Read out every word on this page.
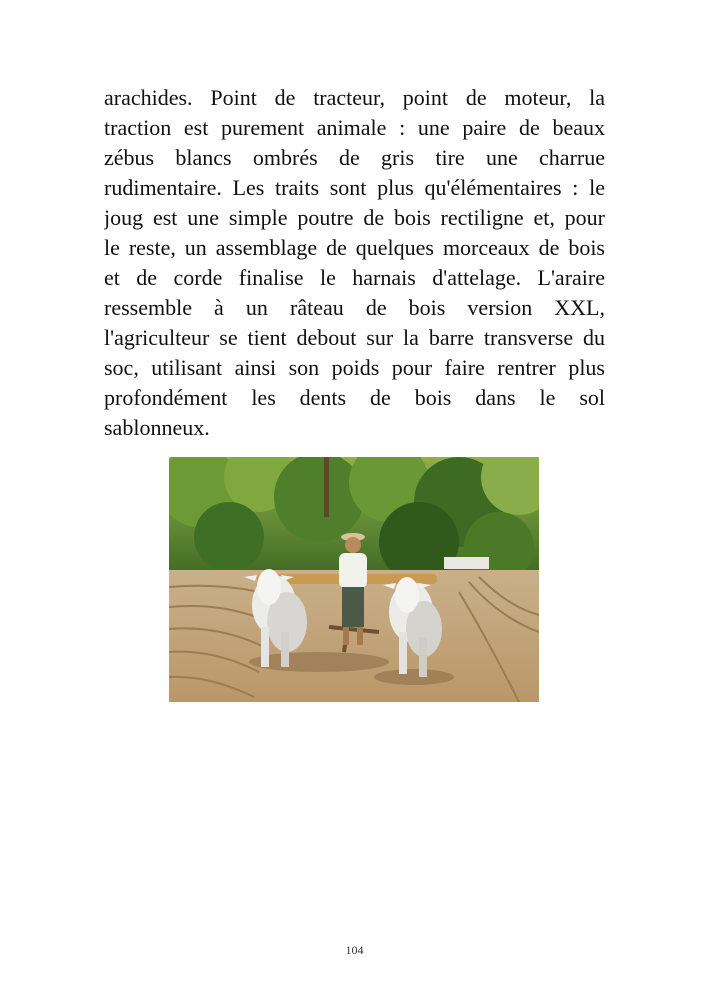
arachides. Point de tracteur, point de moteur, la
traction est purement animale : une paire de beaux
zébus blancs ombrés de gris tire une charrue
rudimentaire. Les traits sont plus qu'élémentaires : le
joug est une simple poutre de bois rectiligne et, pour
le reste, un assemblage de quelques morceaux de bois
et de corde finalise le harnais d'attelage. L'araire
ressemble à un râteau de bois version XXL,
l'agriculteur se tient debout sur la barre transverse du
soc, utilisant ainsi son poids pour faire rentrer plus
profondément les dents de bois dans le sol
sablonneux.

104
